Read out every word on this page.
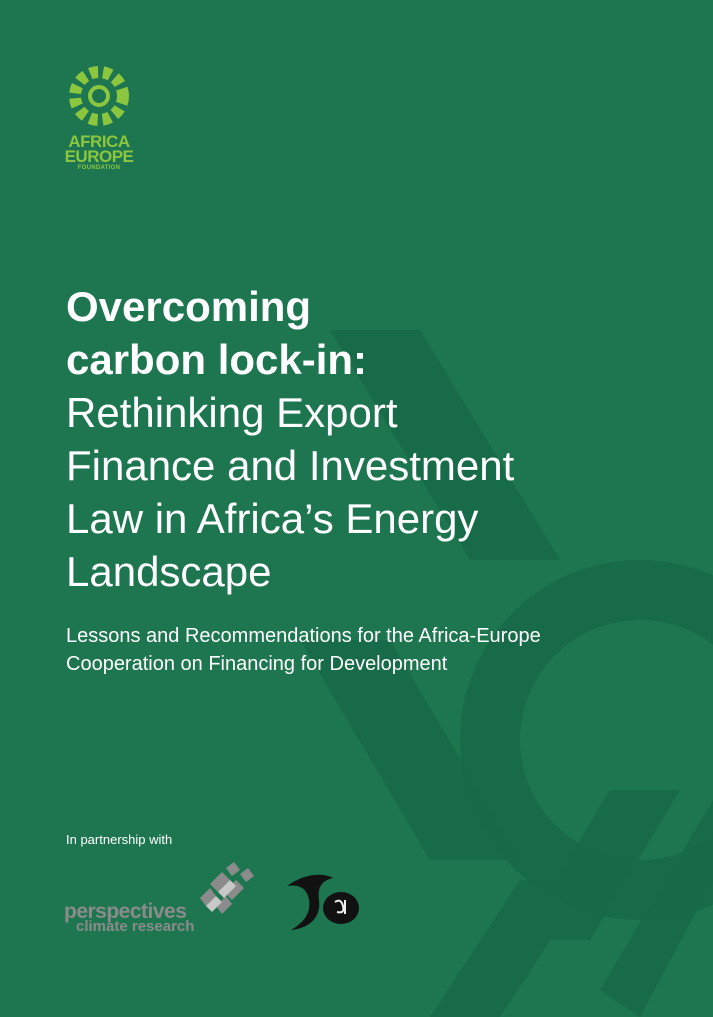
AFRICA
EUROPE
FOUNDATION
Overcoming
carbon lock-in:
Rethinking Export
Finance and Investment
Law in Africa’s Energy
Landscape
Lessons and Recommendations for the Africa-Europe
Cooperation on Financing for Development
In partnership with
perspectives
climate research
